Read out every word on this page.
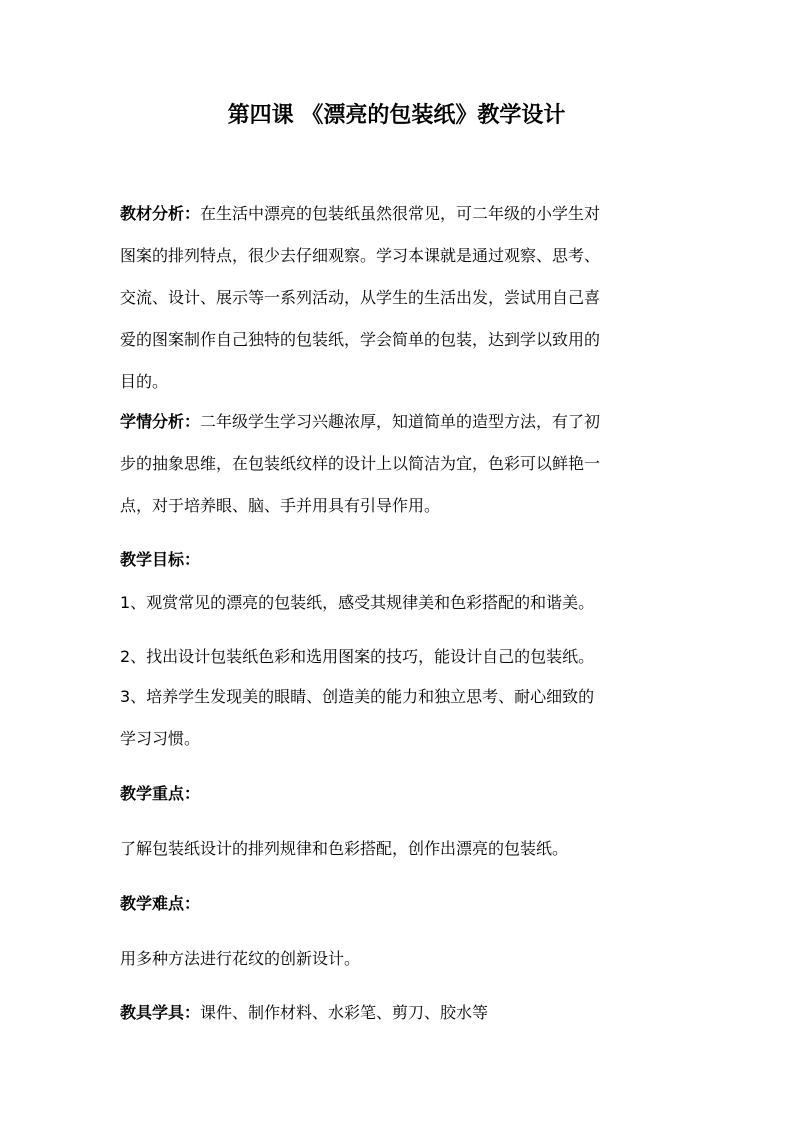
第四课 《漂亮的包装纸》教学设计
教材分析：在生活中漂亮的包装纸虽然很常见，可二年级的小学生对
图案的排列特点，很少去仔细观察。学习本课就是通过观察、思考、
交流、设计、展示等一系列活动，从学生的生活出发，尝试用自己喜
爱的图案制作自己独特的包装纸，学会简单的包装，达到学以致用的
目的。
学情分析：二年级学生学习兴趣浓厚，知道简单的造型方法，有了初
步的抽象思维，在包装纸纹样的设计上以简洁为宜，色彩可以鲜艳一
点，对于培养眼、脑、手并用具有引导作用。
教学目标：
1、观赏常见的漂亮的包装纸，感受其规律美和色彩搭配的和谐美。
2、找出设计包装纸色彩和选用图案的技巧，能设计自己的包装纸。
3、培养学生发现美的眼睛、创造美的能力和独立思考、耐心细致的
学习习惯。
教学重点：
了解包装纸设计的排列规律和色彩搭配，创作出漂亮的包装纸。
教学难点：
用多种方法进行花纹的创新设计。
教具学具：课件、制作材料、水彩笔、剪刀、胶水等
